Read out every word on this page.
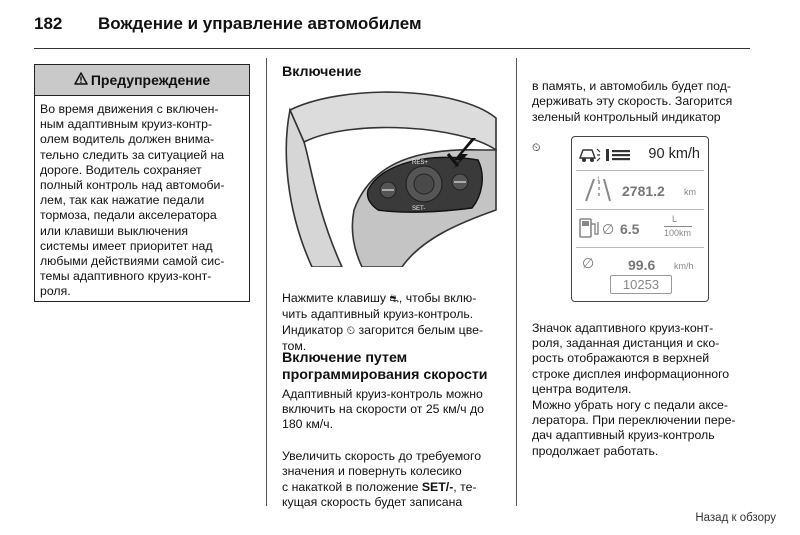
182 Вождение и управление автомобилем
Предупреждение
Во время движения с включен-
ным адаптивным круиз-контр-
олем водитель должен внима-
тельно следить за ситуацией на
дороге. Водитель сохраняет
полный контроль над автомоби-
лем, так как нажатие педали
тормоза, педали акселератора
или клавиши выключения
системы имеет приоритет над
любыми действиями самой сис-
темы адаптивного круиз-конт-
роля.
Включение
RES+
SET-

Нажмите клавишу ⛐, чтобы вклю-
чить адаптивный круиз-контроль.
Индикатор ⏲ загорится белым цве-
том.

Включение путем
программирования скорости
Адаптивный круиз-контроль можно
включить на скорости от 25 км/ч до
180 км/ч.

Увеличить скорость до требуемого
значения и повернуть колесико
с накаткой в положение SET/-, те-
кущая скорость будет записана

в память, и автомобиль будет под-
держивать эту скорость. Загорится
зеленый контрольный индикатор

⏲	90 km/h
1
2781.2 km
∅ 6.5
L
100km
∅ 99.6 km/h
10253
Значок адаптивного круиз-конт-
роля, заданная дистанция и ско-
рость отображаются в верхней
строке дисплея информационного
центра водителя.
Можно убрать ногу с педали аксе-
лератора. При переключении пере-
дач адаптивный круиз-контроль
продолжает работать.
Назад к обзору
